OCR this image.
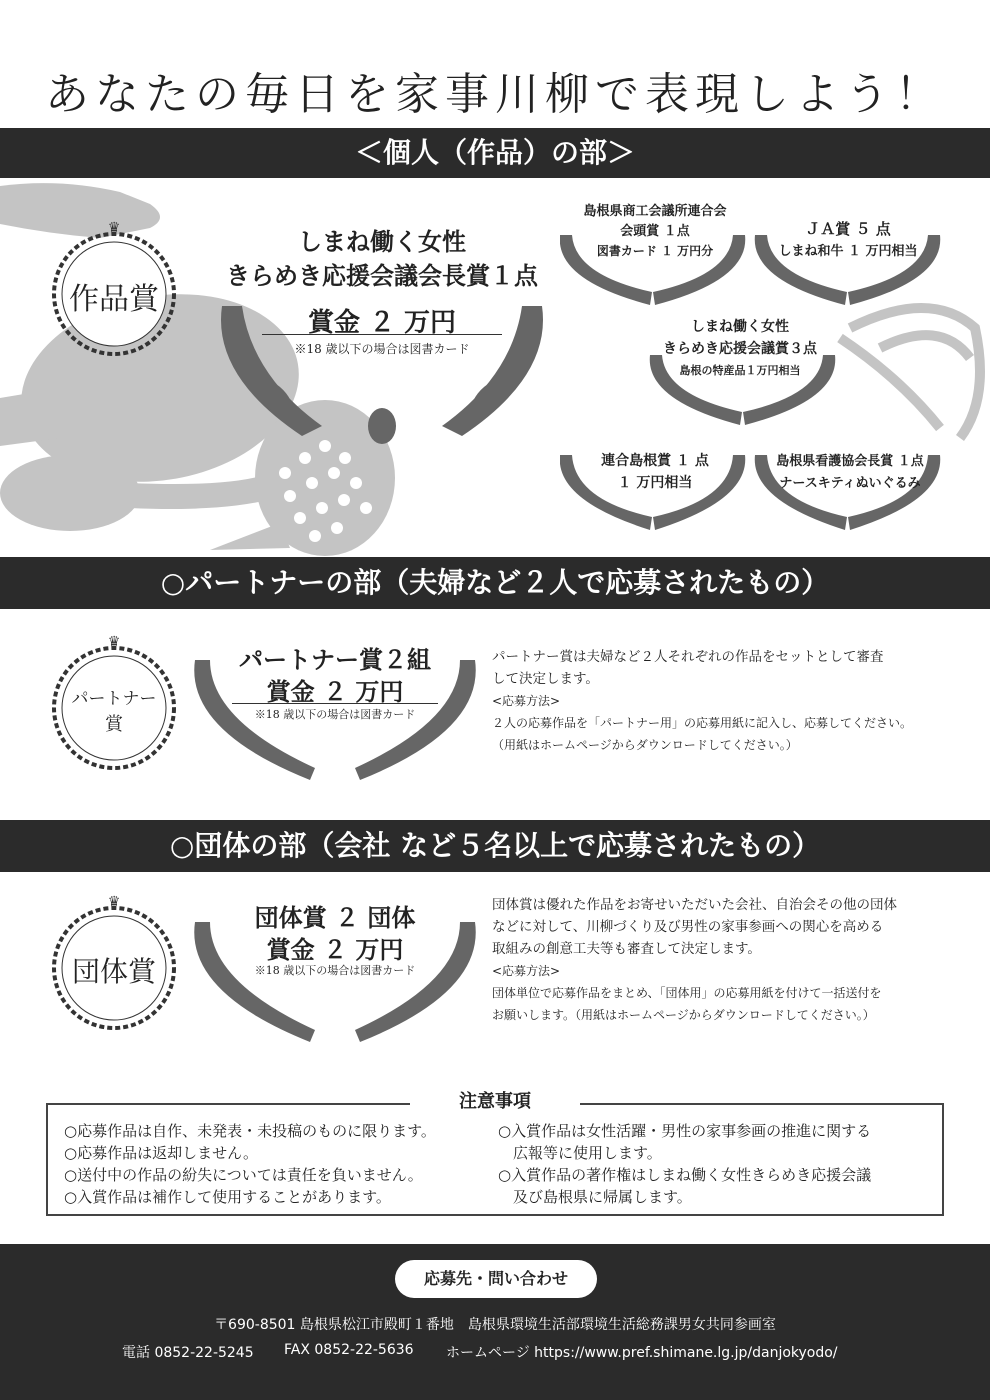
あなたの毎日を家事川柳で表現しよう！
＜個人（作品）の部＞
♛
作品賞
しまね働く女性
きらめき応援会議会長賞１点
賞金 ２ 万円
※18 歳以下の場合は図書カード
島根県商工会議所連合会
会頭賞 １点
図書カード １ 万円分
ＪＡ賞 ５ 点
しまね和牛 １ 万円相当
しまね働く女性
きらめき応援会議賞３点
島根の特産品１万円相当
連合島根賞 １ 点
１ 万円相当
島根県看護協会長賞 １点
ナースキティぬいぐるみ
○パートナーの部（夫婦など２人で応募されたもの）
♛
パートナー
賞
パートナー賞２組
賞金 ２ 万円
※18 歳以下の場合は図書カード
パートナー賞は夫婦など２人それぞれの作品をセットとして審査
して決定します。
<応募方法>
２人の応募作品を「パートナー用」の応募用紙に記入し、応募してください。
（用紙はホームページからダウンロードしてください。）
○団体の部（会社 など５名以上で応募されたもの）
♛
団体賞
団体賞 ２ 団体
賞金 ２ 万円
※18 歳以下の場合は図書カード
団体賞は優れた作品をお寄せいただいた会社、自治会その他の団体
などに対して、川柳づくり及び男性の家事参画への関心を高める
取組みの創意工夫等も審査して決定します。
<応募方法>
団体単位で応募作品をまとめ、「団体用」の応募用紙を付けて一括送付を
お願いします。（用紙はホームページからダウンロードしてください。）
注意事項
○応募作品は自作、未発表・未投稿のものに限ります。
○応募作品は返却しません。
○送付中の作品の紛失については責任を負いません。
○入賞作品は補作して使用することがあります。
○入賞作品は女性活躍・男性の家事参画の推進に関する
　広報等に使用します。
○入賞作品の著作権はしまね働く女性きらめき応援会議
　及び島根県に帰属します。
応募先・問い合わせ
〒690-8501 島根県松江市殿町１番地　島根県環境生活部環境生活総務課男女共同参画室
電話 0852-22-5245 FAX 0852-22-5636 ホームページ https://www.pref.shimane.lg.jp/danjokyodo/
